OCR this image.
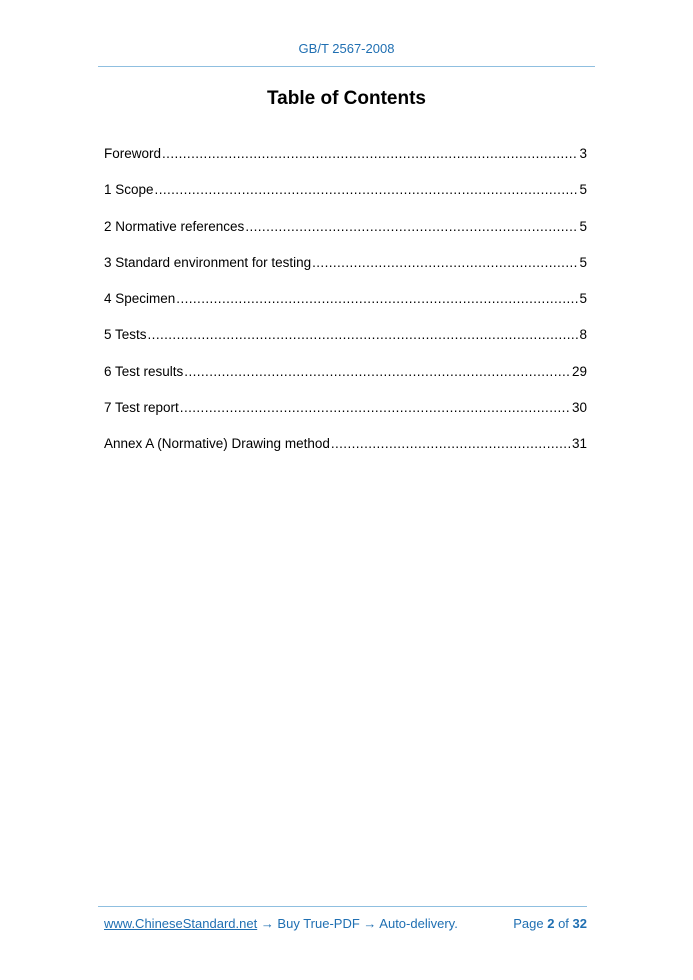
GB/T 2567-2008
Table of Contents
Foreword .....	3
1 Scope .....	5
2 Normative references .....	5
3 Standard environment for testing .....	5
4 Specimen .....	5
5 Tests .....	8
6 Test results .....	29
7 Test report .....	30
Annex A (Normative) Drawing method .....	31
www.ChineseStandard.net → Buy True-PDF → Auto-delivery.	Page 2 of 32
